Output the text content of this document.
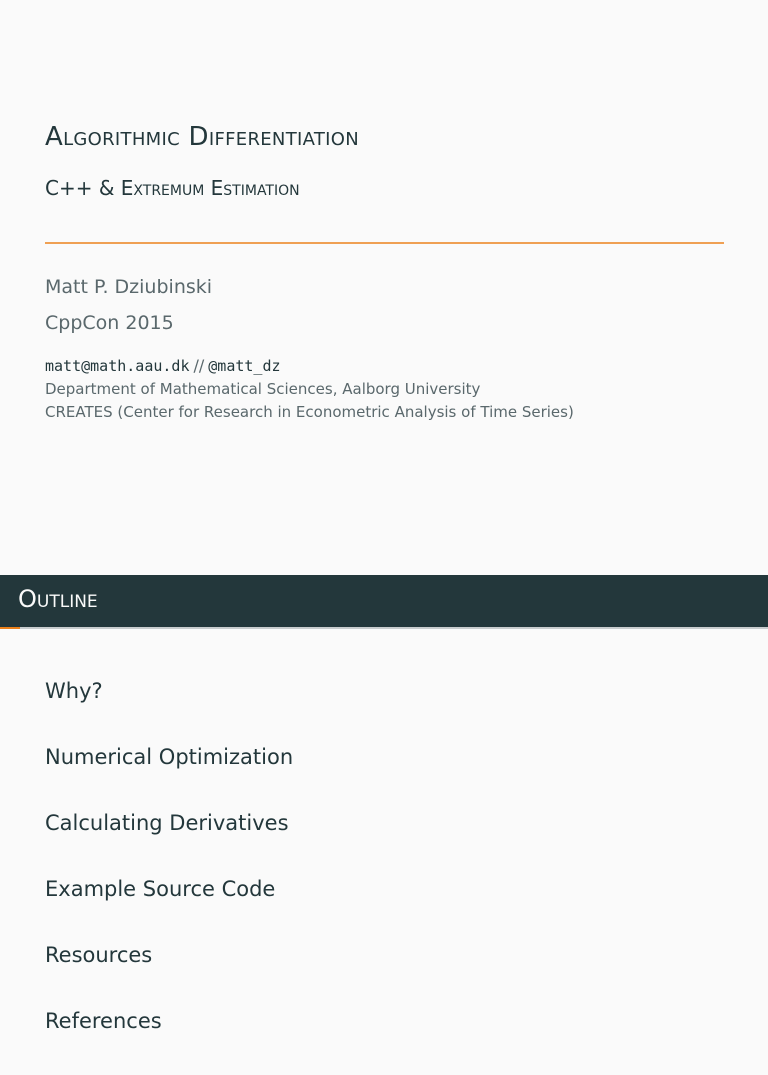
Algorithmic Differentiation
C++ & Extremum Estimation
Matt P. Dziubinski
CppCon 2015
matt@math.aau.dk // @matt_dz
Department of Mathematical Sciences, Aalborg University
CREATES (Center for Research in Econometric Analysis of Time Series)
Outline
Why?
Numerical Optimization
Calculating Derivatives
Example Source Code
Resources
References
